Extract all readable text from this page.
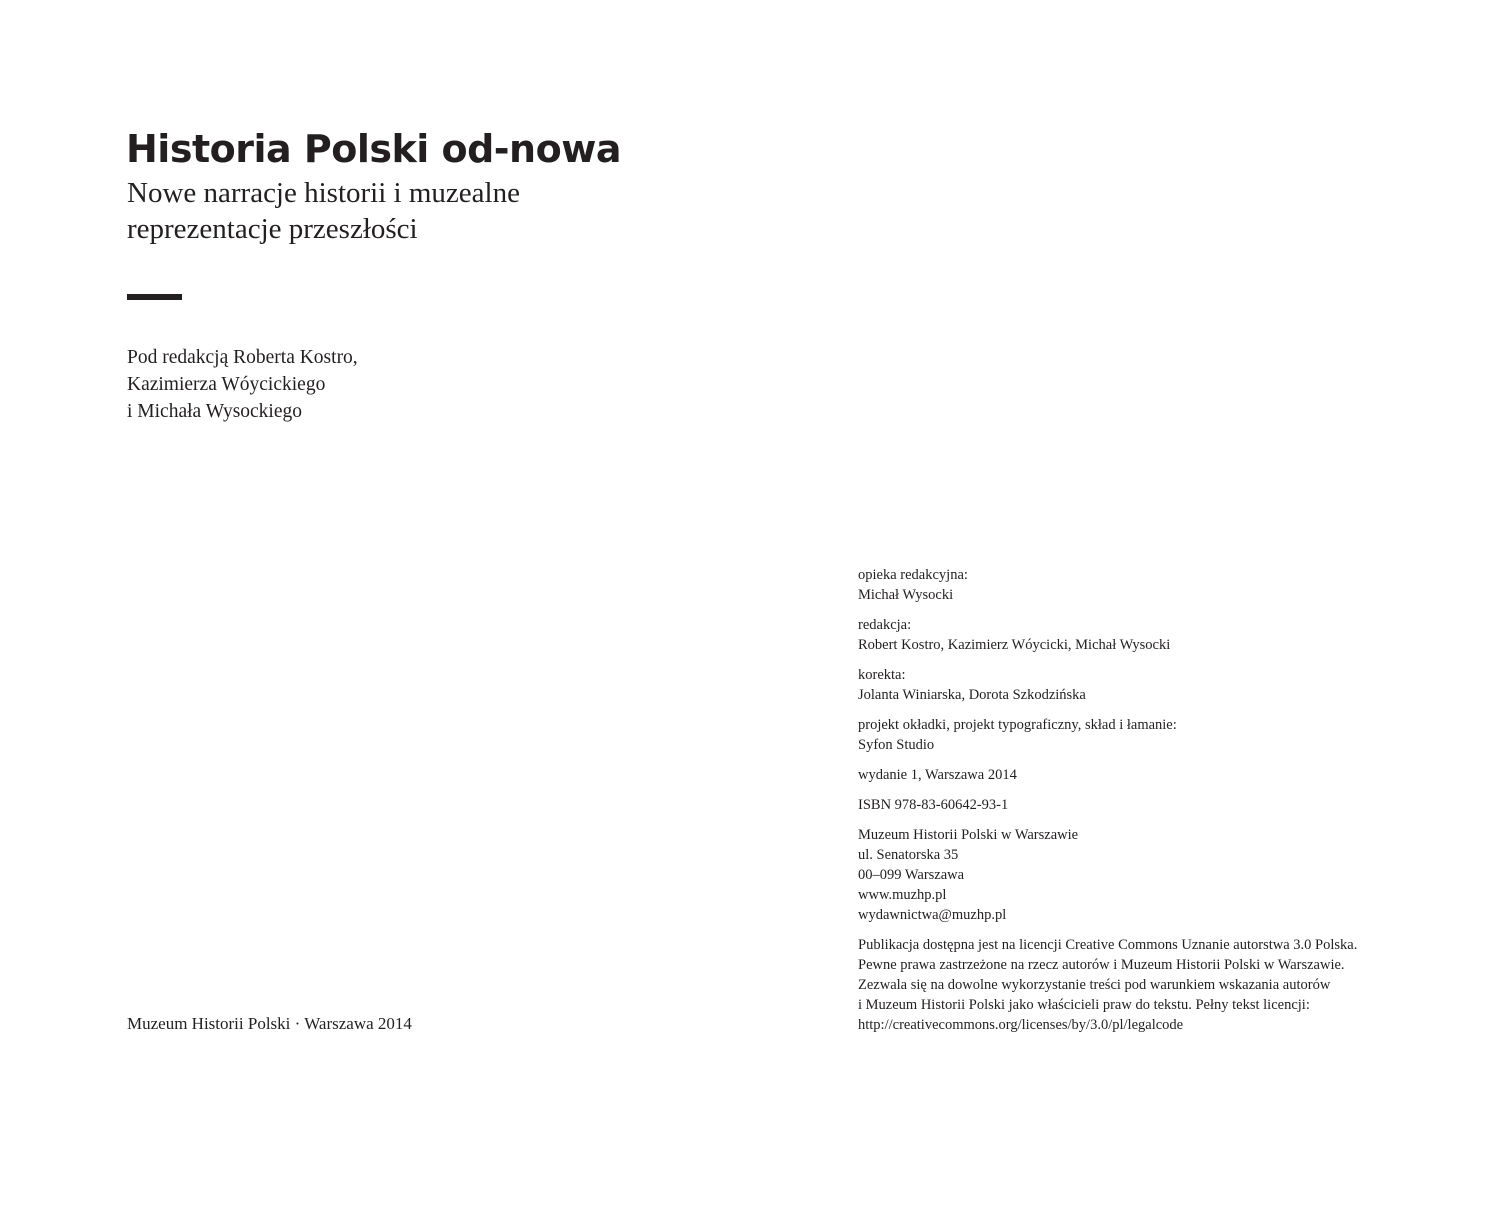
Historia Polski od-nowa
Nowe narracje historii i muzealne
reprezentacje przeszłości
Pod redakcją Roberta Kostro,
Kazimierza Wóycickiego
i Michała Wysockiego
Muzeum Historii Polski · Warszawa 2014
opieka redakcyjna:
Michał Wysocki
redakcja:
Robert Kostro, Kazimierz Wóycicki, Michał Wysocki
korekta:
Jolanta Winiarska, Dorota Szkodzińska
projekt okładki, projekt typograficzny, skład i łamanie:
Syfon Studio
wydanie 1, Warszawa 2014
ISBN 978-83-60642-93-1
Muzeum Historii Polski w Warszawie
ul. Senatorska 35
00–099 Warszawa
www.muzhp.pl
wydawnictwa@muzhp.pl
Publikacja dostępna jest na licencji Creative Commons Uznanie autorstwa 3.0 Polska.
Pewne prawa zastrzeżone na rzecz autorów i Muzeum Historii Polski w Warszawie.
Zezwala się na dowolne wykorzystanie treści pod warunkiem wskazania autorów
i Muzeum Historii Polski jako właścicieli praw do tekstu. Pełny tekst licencji:
http://creativecommons.org/licenses/by/3.0/pl/legalcode
